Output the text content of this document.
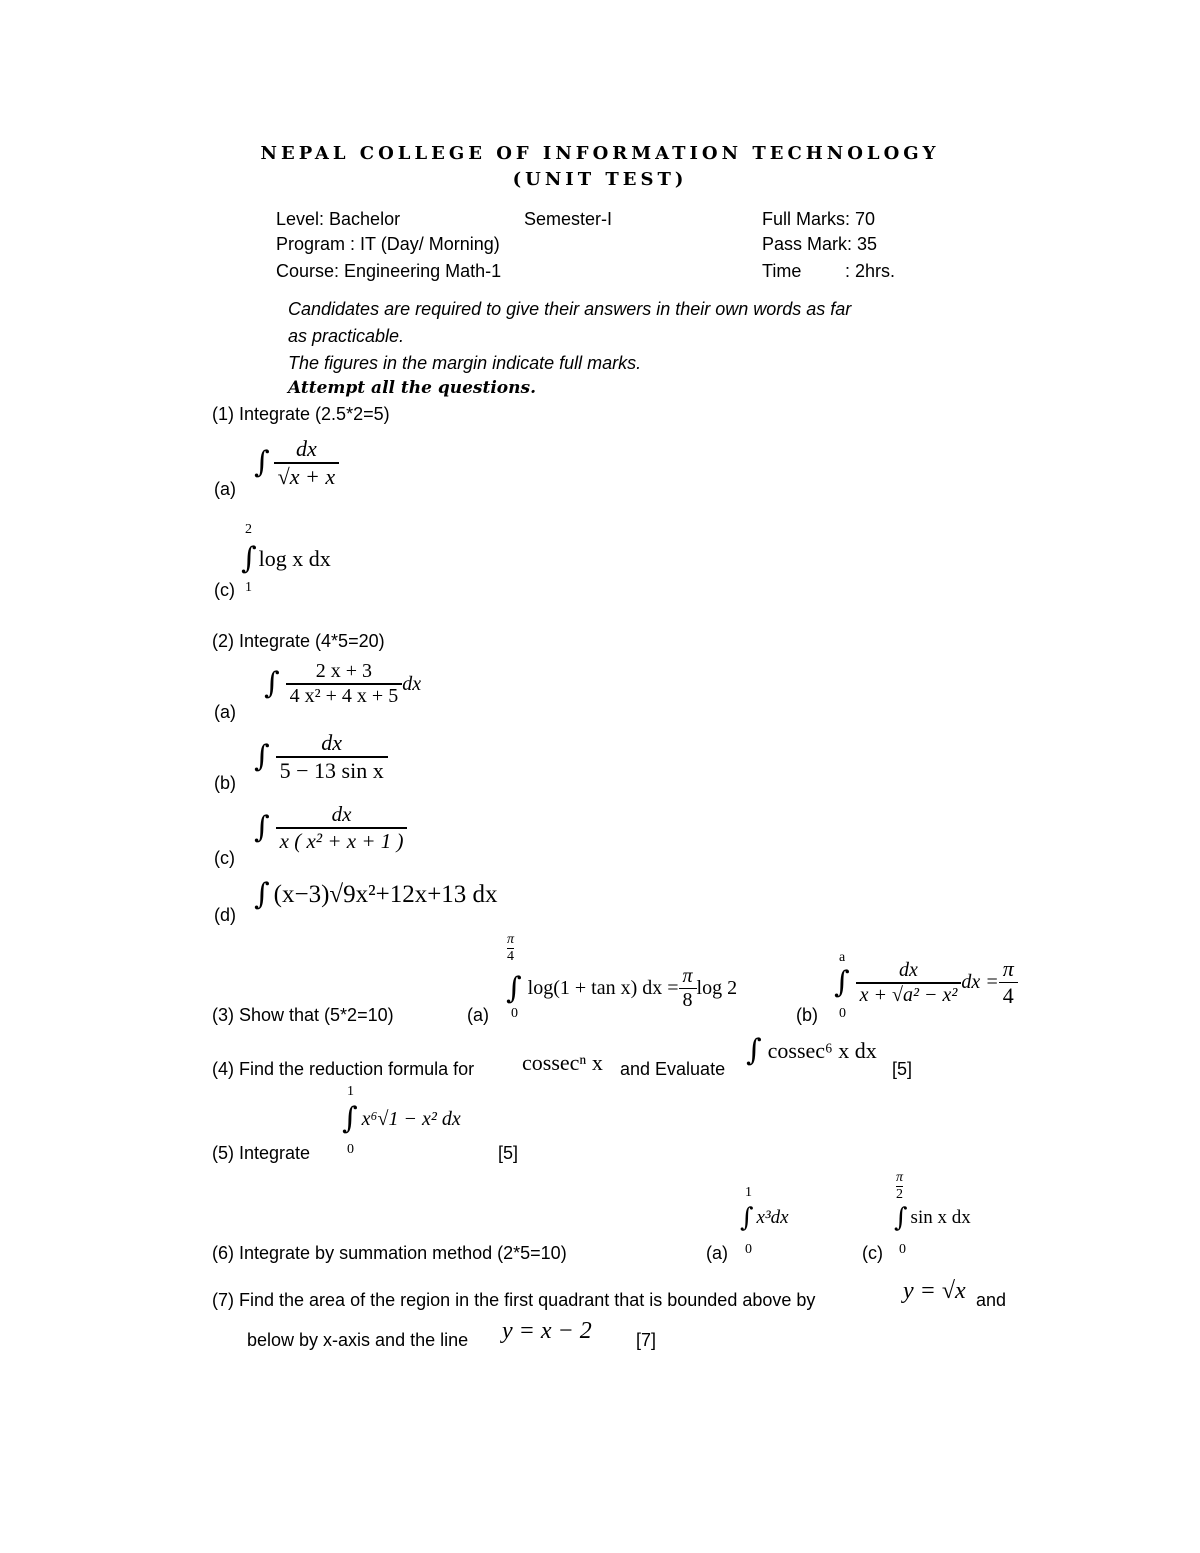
NEPAL COLLEGE OF INFORMATION TECHNOLOGY
(UNIT TEST)
Level: Bachelor	Semester-I	Full Marks: 70
Program : IT (Day/ Morning)	Pass Mark: 35
Course: Engineering Math-1	Time : 2hrs.
Candidates are required to give their answers in their own words as far
as practicable.
The figures in the margin indicate full marks.
Attempt all the questions.
(1) Integrate (2.5*2=5)
(a)
∫ $\frac{dx}{√x + x}$
(c)
2
1
∫ log x dx
(2) Integrate (4*5=20)
(a)
∫ $\frac{2 x + 3}{\text{4 x² + 4 x + 5}}$ dx
(b)
∫ $\frac{dx}{\text{5 − 13 sin x}}$
(c)
∫ $\frac{dx}{\text{x ( x² + x + 1 )}}$
(d)
∫ (x−3)√9x²+12x+13 dx
(3) Show that (5*2=10)	(a)
$\frac{\pi}{4}$
0
∫ log(1 + tan x) dx = $\frac{\pi}{8}$ log 2
(b)
a
0
∫ $\frac{dx}{\text{x + √a² − x²}}$ dx = $\frac{\pi}{4}$
(4) Find the reduction formula for cossecⁿ x and Evaluate
∫ cossec⁶ x dx
[5]
(5) Integrate
1
0
∫ x⁶√1 − x² dx
[5]
(6) Integrate by summation method (2*5=10)	(a)
1
0
∫ x³dx
(c)
$\frac{\pi}{2}$
0
∫ sin x dx
(7) Find the area of the region in the first quadrant that is bounded above by	y = √x and
below by x-axis and the line y = x − 2 [7]
